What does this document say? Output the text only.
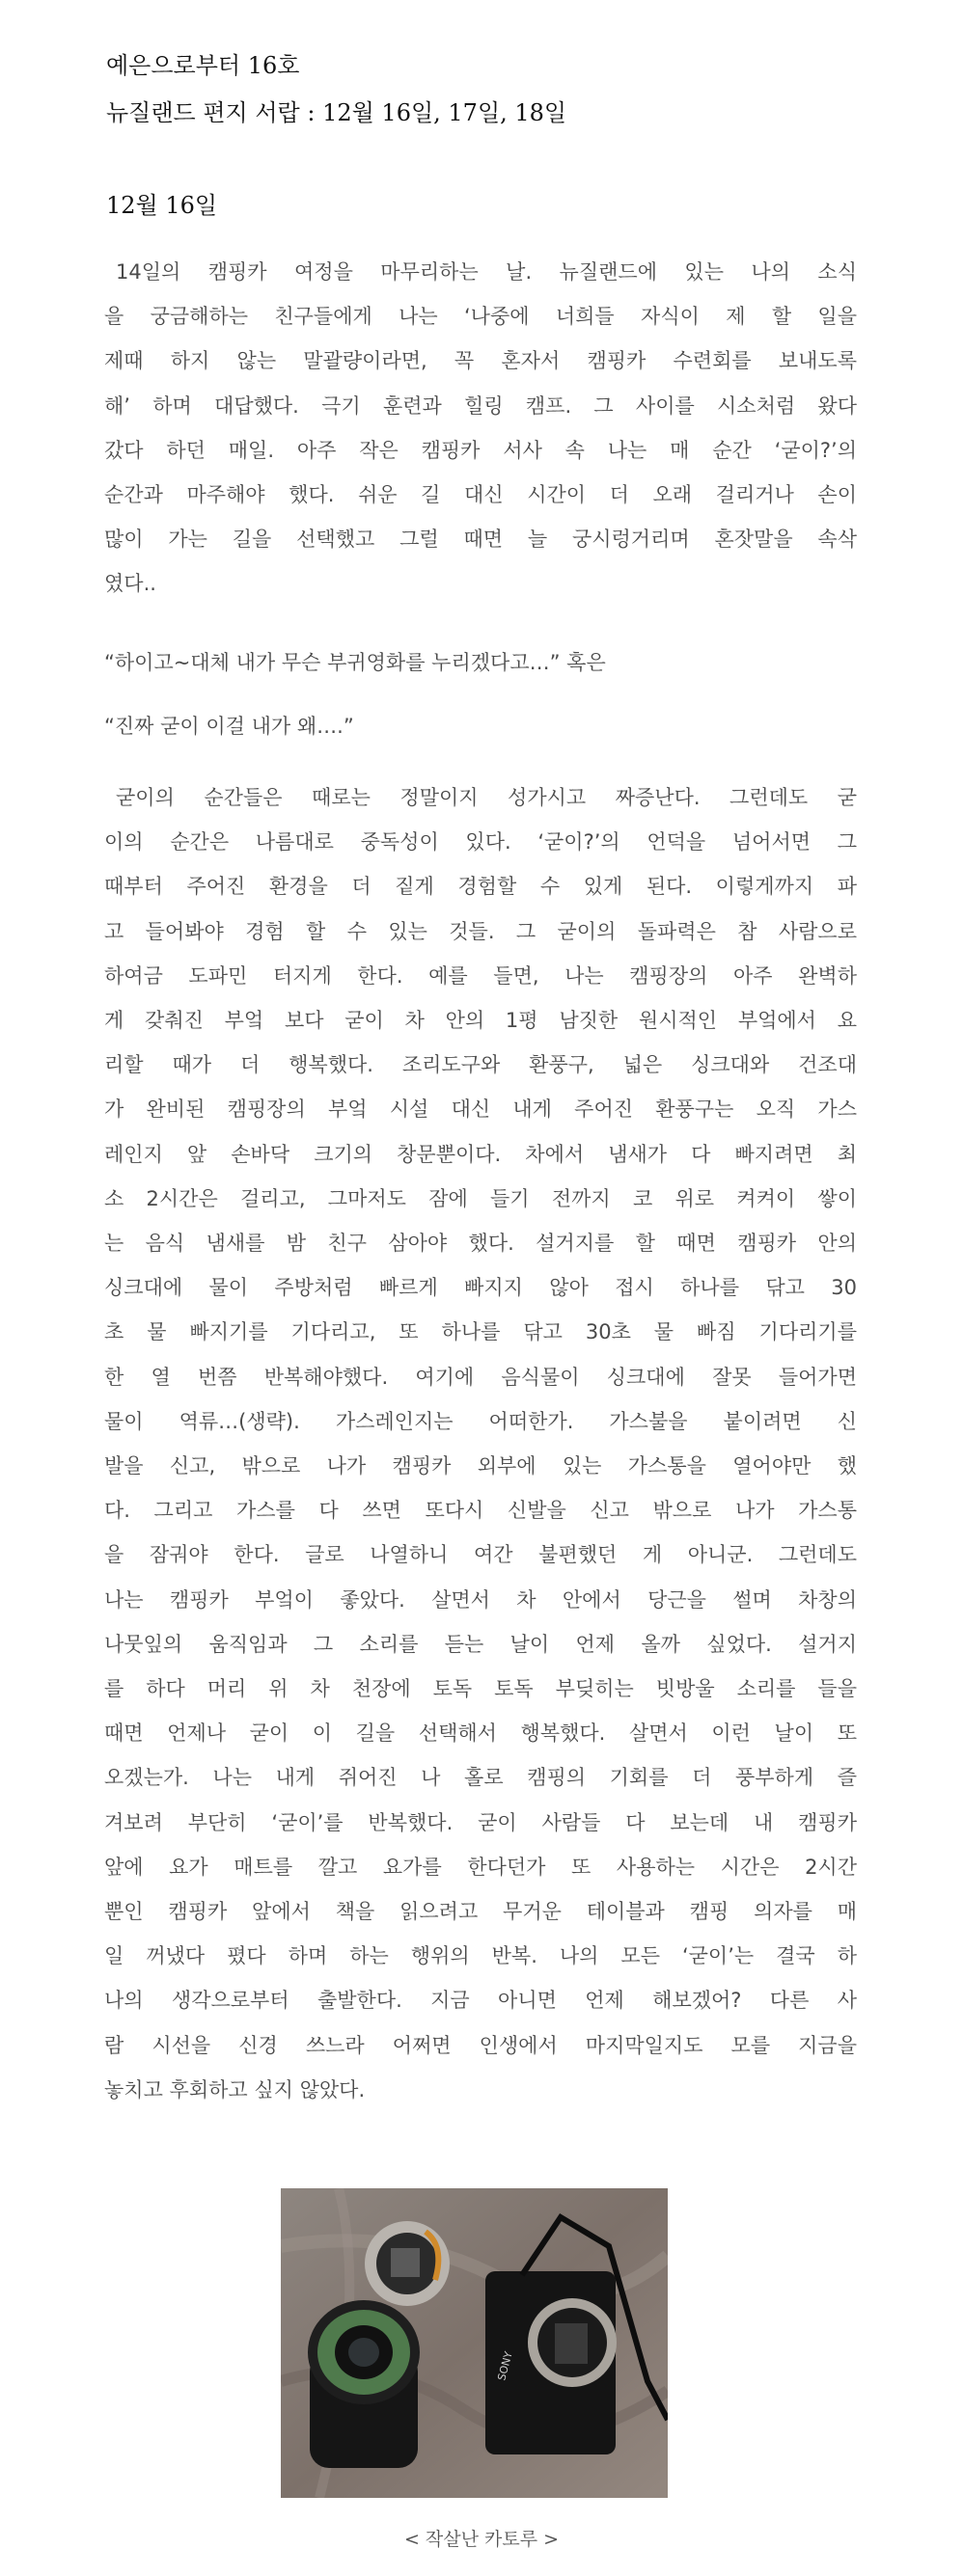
예은으로부터 16호
뉴질랜드 편지 서랍 : 12월 16일, 17일, 18일
12월 16일
14일의 캠핑카 여정을 마무리하는 날. 뉴질랜드에 있는 나의 소식
을 궁금해하는 친구들에게 나는 ‘나중에 너희들 자식이 제 할 일을
제때 하지 않는 말괄량이라면, 꼭 혼자서 캠핑카 수련회를 보내도록
해’ 하며 대답했다. 극기 훈련과 힐링 캠프. 그 사이를 시소처럼 왔다
갔다 하던 매일. 아주 작은 캠핑카 서사 속 나는 매 순간 ‘굳이?’의
순간과 마주해야 했다. 쉬운 길 대신 시간이 더 오래 걸리거나 손이
많이 가는 길을 선택했고 그럴 때면 늘 궁시렁거리며 혼잣말을 속삭
였다..
“하이고~대체 내가 무슨 부귀영화를 누리겠다고…” 혹은
“진짜 굳이 이걸 내가 왜….”
굳이의 순간들은 때로는 정말이지 성가시고 짜증난다. 그런데도 굳
이의 순간은 나름대로 중독성이 있다. ‘굳이?’의 언덕을 넘어서면 그
때부터 주어진 환경을 더 짙게 경험할 수 있게 된다. 이렇게까지 파
고 들어봐야 경험 할 수 있는 것들. 그 굳이의 돌파력은 참 사람으로
하여금 도파민 터지게 한다. 예를 들면, 나는 캠핑장의 아주 완벽하
게 갖춰진 부엌 보다 굳이 차 안의 1평 남짓한 원시적인 부엌에서 요
리할 때가 더 행복했다. 조리도구와 환풍구, 넓은 싱크대와 건조대
가 완비된 캠핑장의 부엌 시설 대신 내게 주어진 환풍구는 오직 가스
레인지 앞 손바닥 크기의 창문뿐이다. 차에서 냄새가 다 빠지려면 최
소 2시간은 걸리고, 그마저도 잠에 들기 전까지 코 위로 켜켜이 쌓이
는 음식 냄새를 밤 친구 삼아야 했다. 설거지를 할 때면 캠핑카 안의
싱크대에 물이 주방처럼 빠르게 빠지지 않아 접시 하나를 닦고 30
초 물 빠지기를 기다리고, 또 하나를 닦고 30초 물 빠짐 기다리기를
한 열 번쯤 반복해야했다. 여기에 음식물이 싱크대에 잘못 들어가면
물이 역류…(생략). 가스레인지는 어떠한가. 가스불을 붙이려면 신
발을 신고, 밖으로 나가 캠핑카 외부에 있는 가스통을 열어야만 했
다. 그리고 가스를 다 쓰면 또다시 신발을 신고 밖으로 나가 가스통
을 잠궈야 한다. 글로 나열하니 여간 불편했던 게 아니군. 그런데도
나는 캠핑카 부엌이 좋았다. 살면서 차 안에서 당근을 썰며 차창의
나뭇잎의 움직임과 그 소리를 듣는 날이 언제 올까 싶었다. 설거지
를 하다 머리 위 차 천장에 토독 토독 부딪히는 빗방울 소리를 들을
때면 언제나 굳이 이 길을 선택해서 행복했다. 살면서 이런 날이 또
오겠는가. 나는 내게 쥐어진 나 홀로 캠핑의 기회를 더 풍부하게 즐
겨보려 부단히 ‘굳이’를 반복했다. 굳이 사람들 다 보는데 내 캠핑카
앞에 요가 매트를 깔고 요가를 한다던가 또 사용하는 시간은 2시간
뿐인 캠핑카 앞에서 책을 읽으려고 무거운 테이블과 캠핑 의자를 매
일 꺼냈다 폈다 하며 하는 행위의 반복. 나의 모든 ‘굳이’는 결국 하
나의 생각으로부터 출발한다. 지금 아니면 언제 해보겠어? 다른 사
람 시선을 신경 쓰느라 어쩌면 인생에서 마지막일지도 모를 지금을
놓치고 후회하고 싶지 않았다.
SONY
< 작살난 카토루 >
